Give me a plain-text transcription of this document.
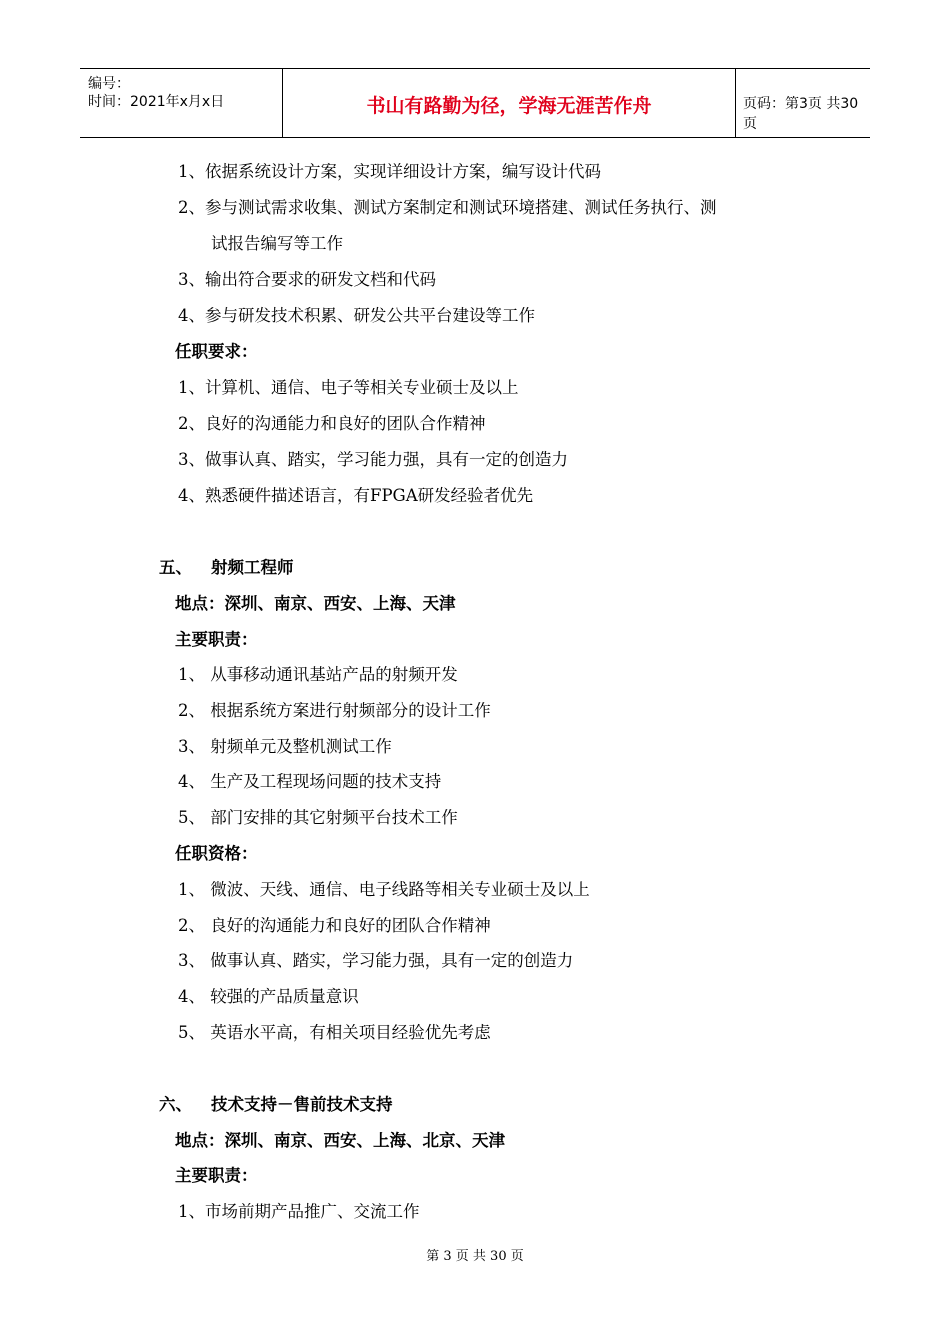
编号：
时间：2021年x月x日	书山有路勤为径，学海无涯苦作舟	页码：第3页 共30页
1、依据系统设计方案，实现详细设计方案，编写设计代码
2、参与测试需求收集、测试方案制定和测试环境搭建、测试任务执行、测
试报告编写等工作
3、输出符合要求的研发文档和代码
4、参与研发技术积累、研发公共平台建设等工作
任职要求：
1、计算机、通信、电子等相关专业硕士及以上
2、良好的沟通能力和良好的团队合作精神
3、做事认真、踏实，学习能力强，具有一定的创造力
4、熟悉硬件描述语言，有FPGA研发经验者优先
五、 射频工程师
地点：深圳、南京、西安、上海、天津
主要职责：
1、 从事移动通讯基站产品的射频开发
2、 根据系统方案进行射频部分的设计工作
3、 射频单元及整机测试工作
4、 生产及工程现场问题的技术支持
5、 部门安排的其它射频平台技术工作
任职资格：
1、 微波、天线、通信、电子线路等相关专业硕士及以上
2、 良好的沟通能力和良好的团队合作精神
3、 做事认真、踏实，学习能力强，具有一定的创造力
4、 较强的产品质量意识
5、 英语水平高，有相关项目经验优先考虑
六、 技术支持－售前技术支持
地点：深圳、南京、西安、上海、北京、天津
主要职责：
1、市场前期产品推广、交流工作
第 3 页 共 30 页
